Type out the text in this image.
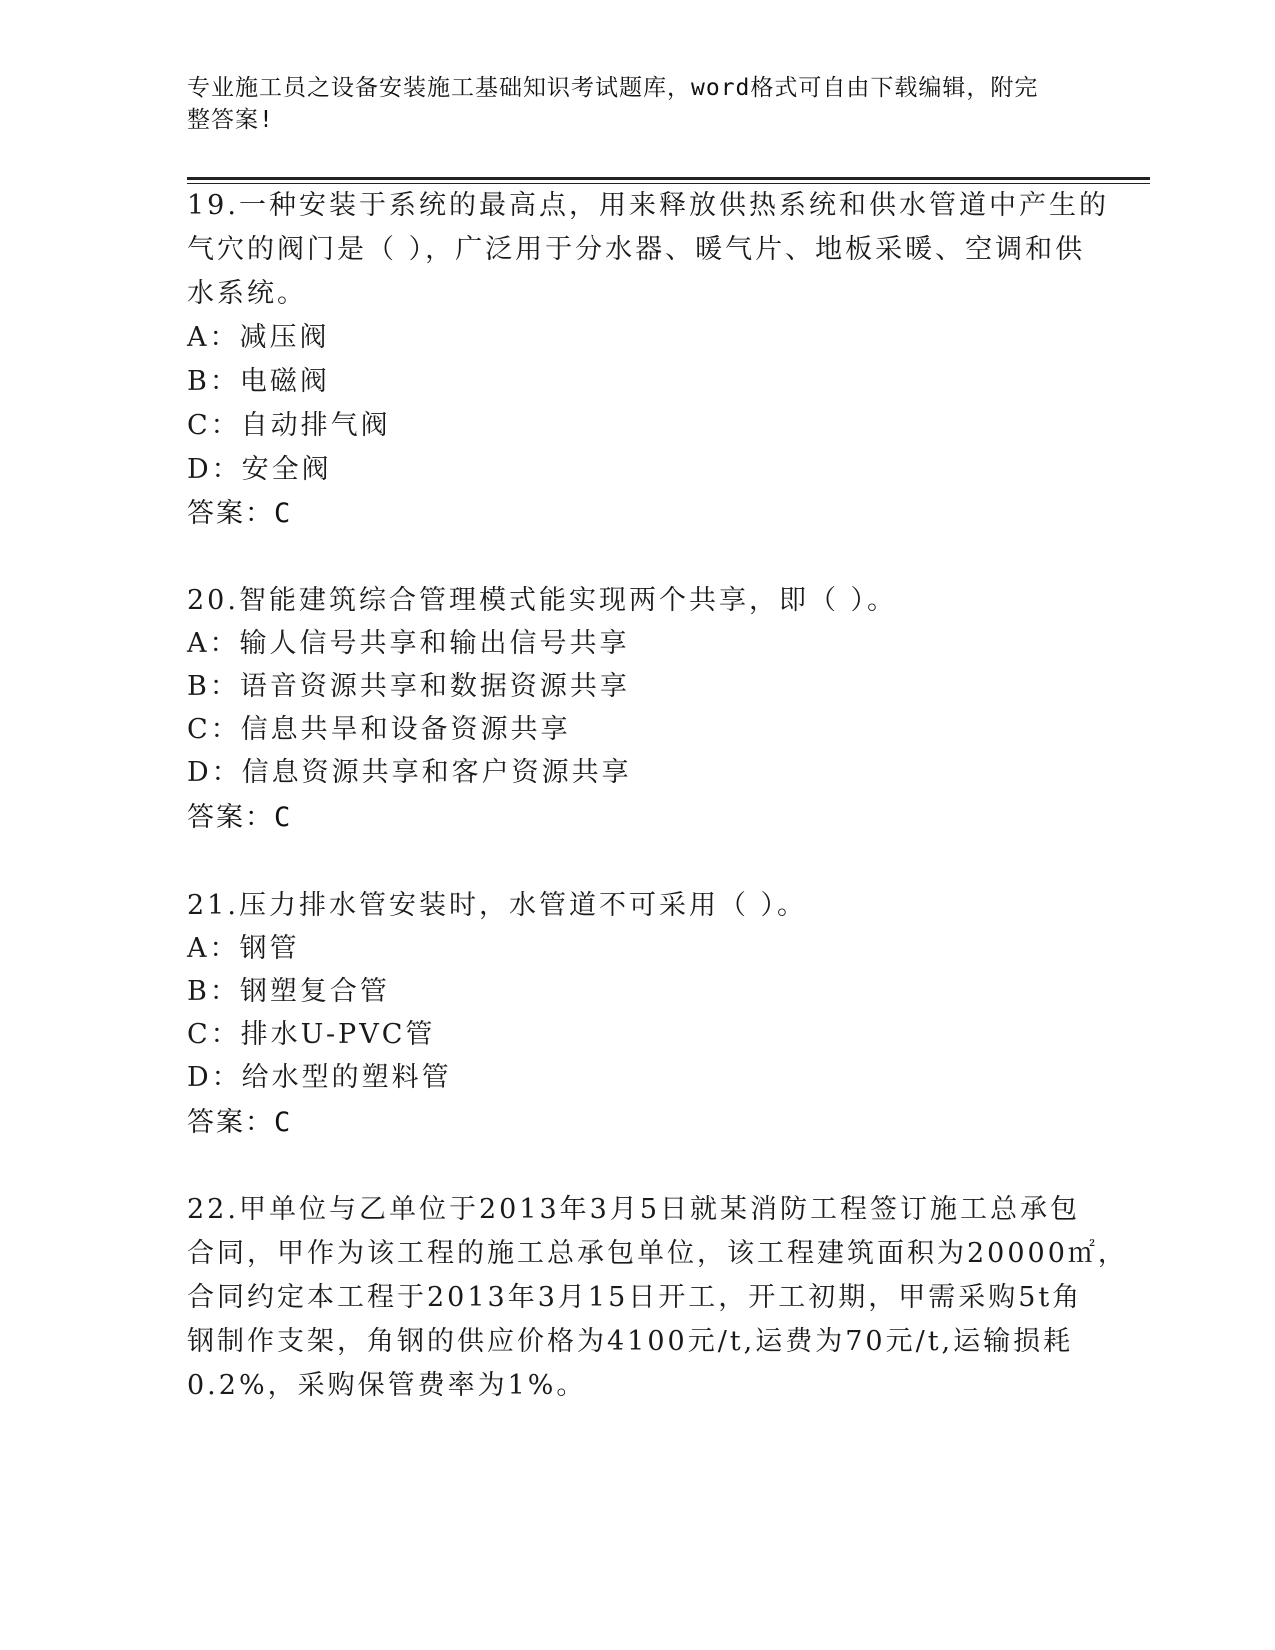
专业施工员之设备安装施工基础知识考试题库，word格式可自由下载编辑，附完
整答案!
19.一种安装于系统的最高点，用来释放供热系统和供水管道中产生的
气穴的阀门是（ ），广泛用于分水器、暖气片、地板采暖、空调和供
水系统。
A：减压阀
B：电磁阀
C：自动排气阀
D：安全阀
答案：C
20.智能建筑综合管理模式能实现两个共享，即（ ）。
A：输人信号共享和输出信号共享
B：语音资源共享和数据资源共享
C：信息共旱和设备资源共享
D：信息资源共享和客户资源共享
答案：C
21.压力排水管安装时，水管道不可采用（ ）。
A：钢管
B：钢塑复合管
C：排水U-PVC管
D：给水型的塑料管
答案：C
22.甲单位与乙单位于2013年3月5日就某消防工程签订施工总承包
合同，甲作为该工程的施工总承包单位，该工程建筑面积为20000㎡，
合同约定本工程于2013年3月15日开工，开工初期，甲需采购5t角
钢制作支架，角钢的供应价格为4100元/t,运费为70元/t,运输损耗
0.2%，采购保管费率为1%。
